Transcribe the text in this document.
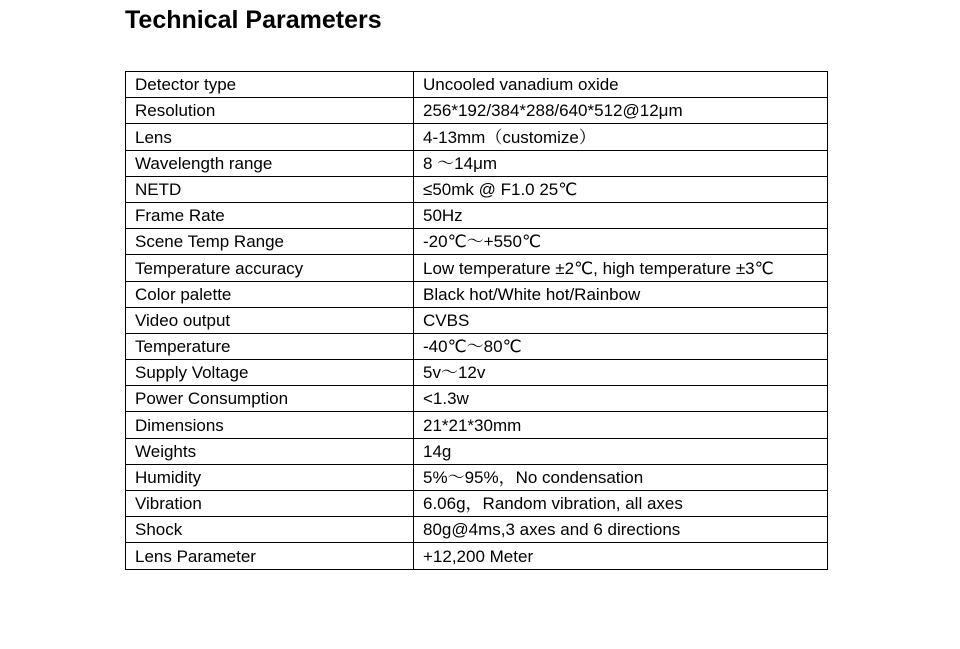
Technical Parameters
Detector type	Uncooled vanadium oxide
Resolution	256*192/384*288/640*512@12μm
Lens	4-13mm（customize）
Wavelength range	8 ～14μm
NETD	≤50mk @ F1.0 25℃
Frame Rate	50Hz
Scene Temp Range	-20℃～+550℃
Temperature accuracy	Low temperature ±2℃, high temperature ±3℃
Color palette	Black hot/White hot/Rainbow
Video output	CVBS
Temperature	-40℃～80℃
Supply Voltage	5v～12v
Power Consumption	<1.3w
Dimensions	21*21*30mm
Weights	14g
Humidity	5%～95%，No condensation
Vibration	6.06g，Random vibration, all axes
Shock	80g@4ms,3 axes and 6 directions
Lens Parameter	+12,200 Meter
